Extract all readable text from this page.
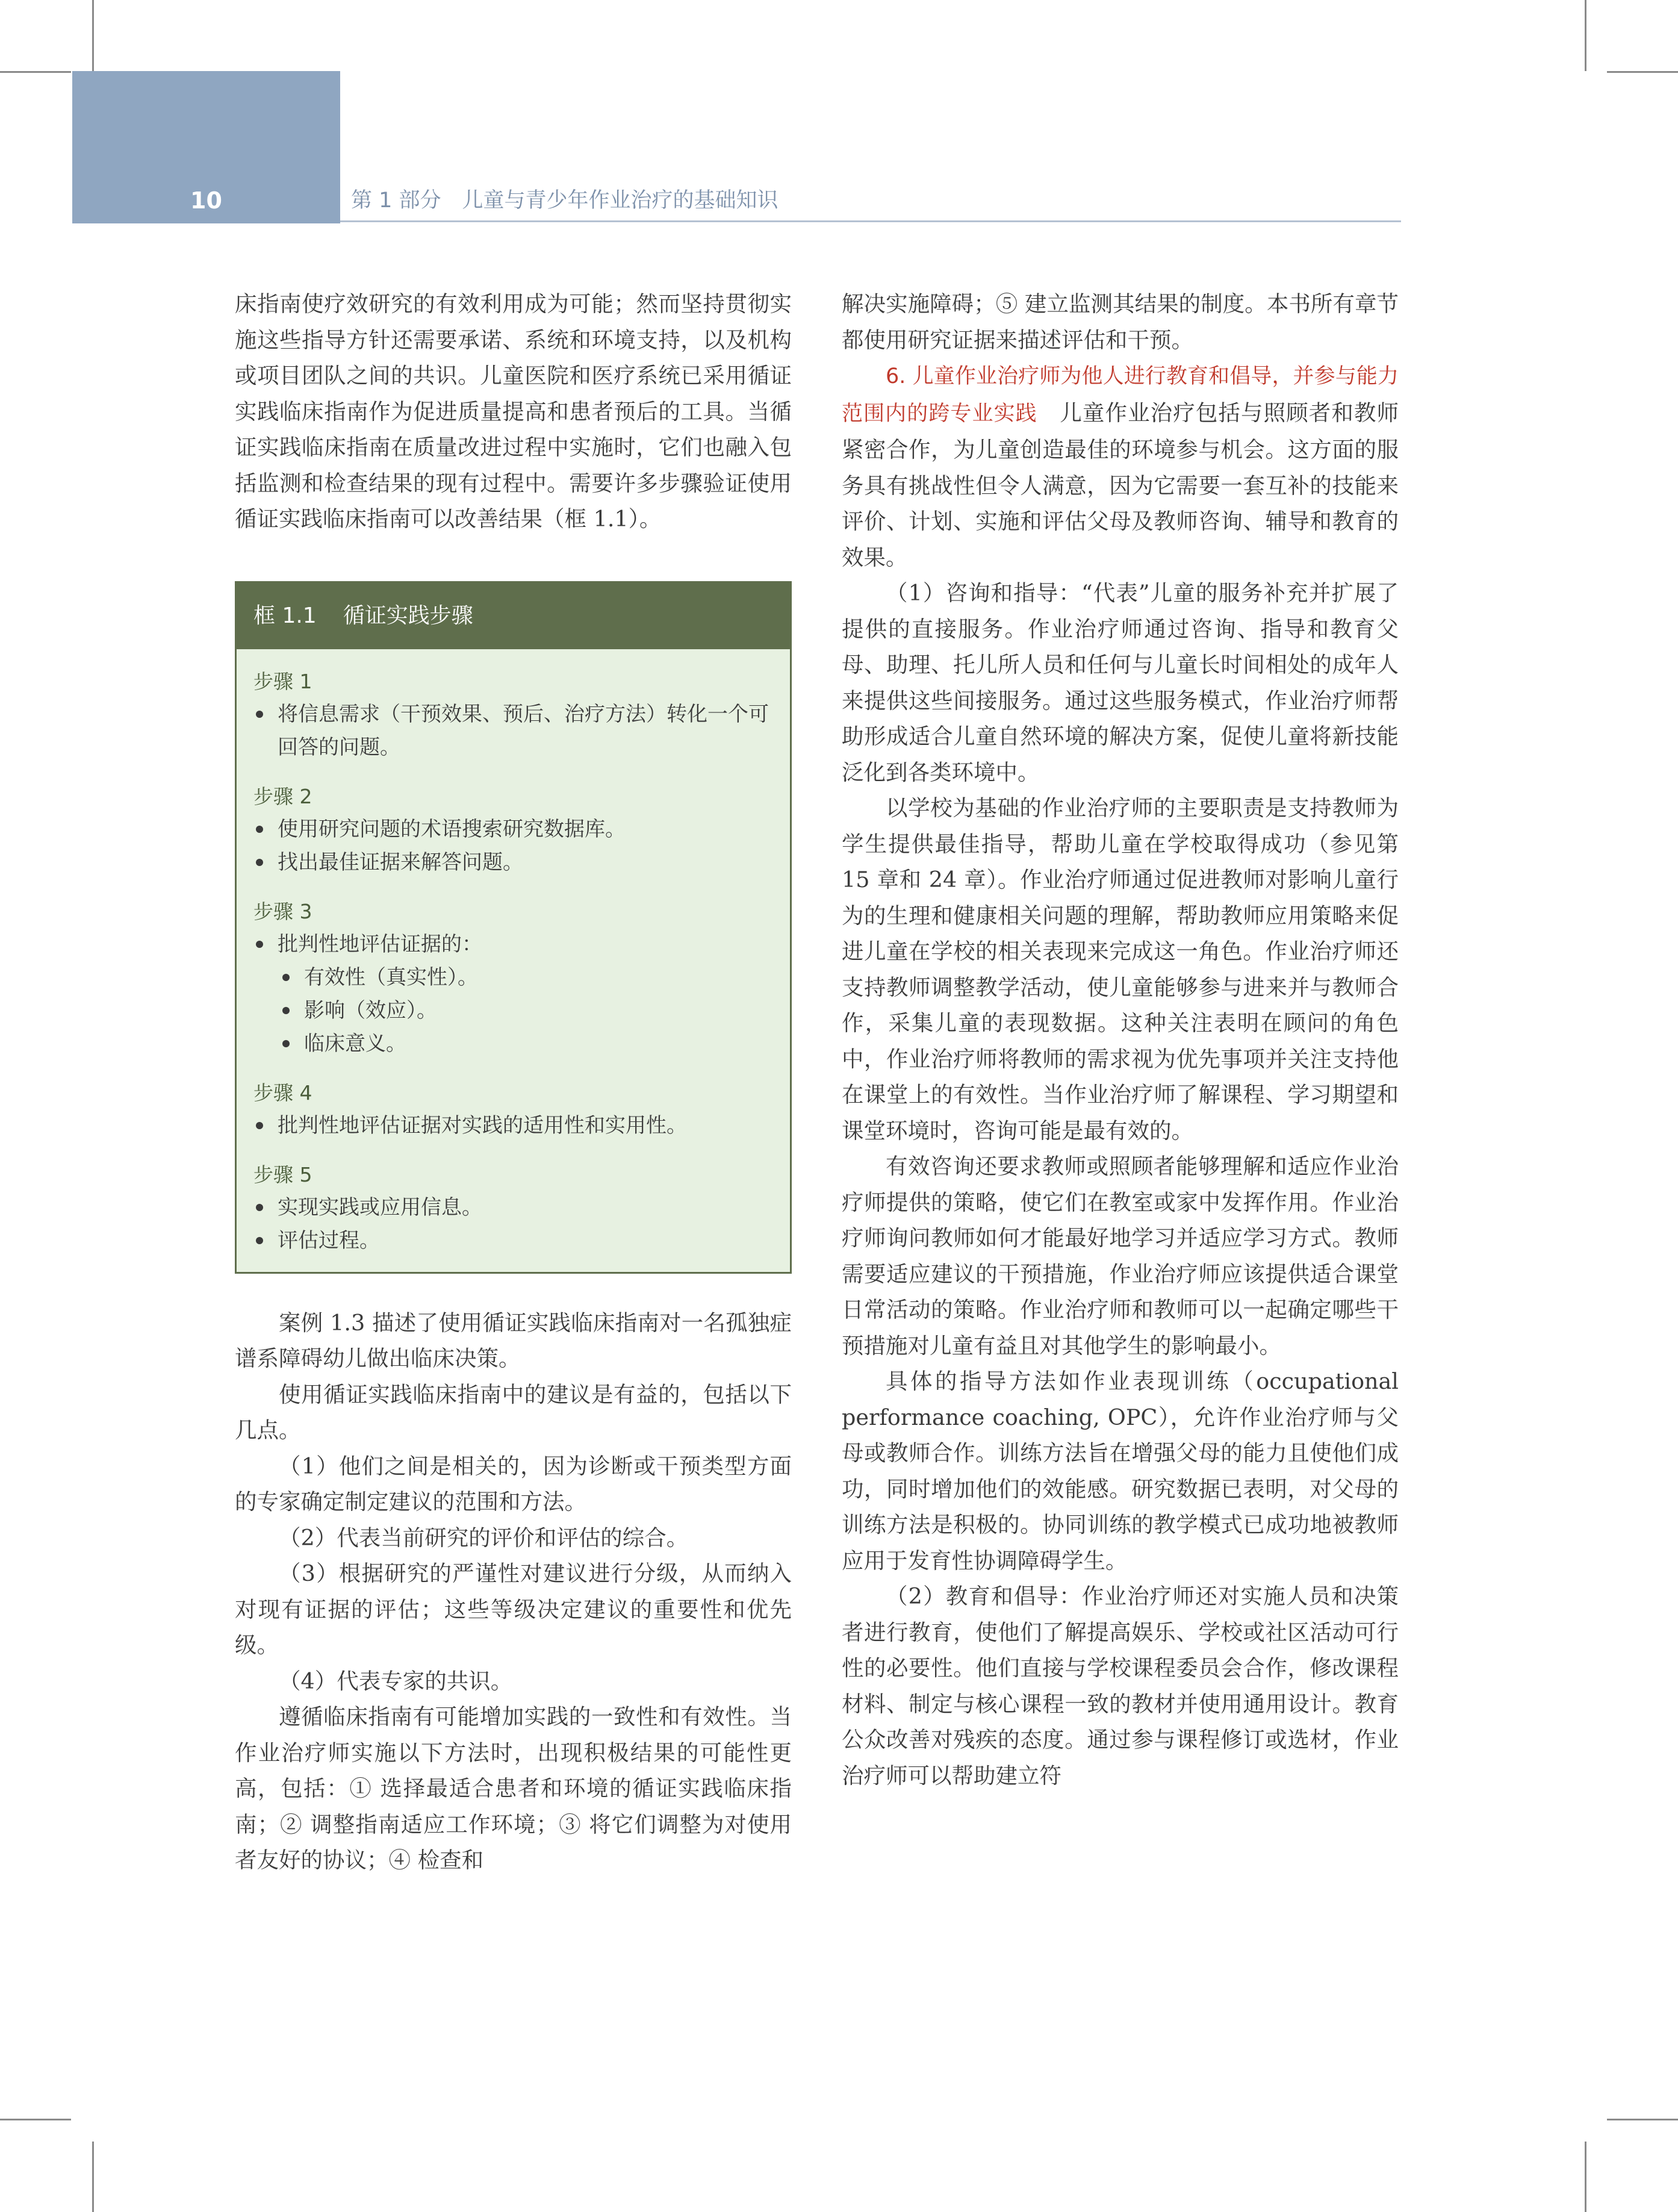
10	第 1 部分　儿童与青少年作业治疗的基础知识

床指南使疗效研究的有效利用成为可能；然而坚持贯彻实施这些指导方针还需要承诺、系统和环境支持，以及机构或项目团队之间的共识。儿童医院和医疗系统已采用循证实践临床指南作为促进质量提高和患者预后的工具。当循证实践临床指南在质量改进过程中实施时，它们也融入包括监测和检查结果的现有过程中。需要许多步骤验证使用循证实践临床指南可以改善结果（框 1.1）。

框 1.1 循证实践步骤

步骤 1

将信息需求（干预效果、预后、治疗方法）转化一个可回答的问题。

步骤 2

使用研究问题的术语搜索研究数据库。
找出最佳证据来解答问题。

步骤 3

批判性地评估证据的：
有效性（真实性）。
影响（效应）。
临床意义。

步骤 4

批判性地评估证据对实践的适用性和实用性。

步骤 5

实现实践或应用信息。
评估过程。

案例 1.3 描述了使用循证实践临床指南对一名孤独症谱系障碍幼儿做出临床决策。

使用循证实践临床指南中的建议是有益的，包括以下几点。

（1）他们之间是相关的，因为诊断或干预类型方面的专家确定制定建议的范围和方法。

（2）代表当前研究的评价和评估的综合。

（3）根据研究的严谨性对建议进行分级，从而纳入对现有证据的评估；这些等级决定建议的重要性和优先级。

（4）代表专家的共识。

遵循临床指南有可能增加实践的一致性和有效性。当作业治疗师实施以下方法时，出现积极结果的可能性更高，包括：① 选择最适合患者和环境的循证实践临床指南；② 调整指南适应工作环境；③ 将它们调整为对使用者友好的协议；④ 检查和

解决实施障碍；⑤ 建立监测其结果的制度。本书所有章节都使用研究证据来描述评估和干预。

6. 儿童作业治疗师为他人进行教育和倡导，并参与能力范围内的跨专业实践　儿童作业治疗包括与照顾者和教师紧密合作，为儿童创造最佳的环境参与机会。这方面的服务具有挑战性但令人满意，因为它需要一套互补的技能来评价、计划、实施和评估父母及教师咨询、辅导和教育的效果。

（1）咨询和指导：“代表”儿童的服务补充并扩展了提供的直接服务。作业治疗师通过咨询、指导和教育父母、助理、托儿所人员和任何与儿童长时间相处的成年人来提供这些间接服务。通过这些服务模式，作业治疗师帮助形成适合儿童自然环境的解决方案，促使儿童将新技能泛化到各类环境中。

以学校为基础的作业治疗师的主要职责是支持教师为学生提供最佳指导，帮助儿童在学校取得成功（参见第 15 章和 24 章）。作业治疗师通过促进教师对影响儿童行为的生理和健康相关问题的理解，帮助教师应用策略来促进儿童在学校的相关表现来完成这一角色。作业治疗师还支持教师调整教学活动，使儿童能够参与进来并与教师合作，采集儿童的表现数据。这种关注表明在顾问的角色中，作业治疗师将教师的需求视为优先事项并关注支持他在课堂上的有效性。当作业治疗师了解课程、学习期望和课堂环境时，咨询可能是最有效的。

有效咨询还要求教师或照顾者能够理解和适应作业治疗师提供的策略，使它们在教室或家中发挥作用。作业治疗师询问教师如何才能最好地学习并适应学习方式。教师需要适应建议的干预措施，作业治疗师应该提供适合课堂日常活动的策略。作业治疗师和教师可以一起确定哪些干预措施对儿童有益且对其他学生的影响最小。

具体的指导方法如作业表现训练（occupational performance coaching, OPC），允许作业治疗师与父母或教师合作。训练方法旨在增强父母的能力且使他们成功，同时增加他们的效能感。研究数据已表明，对父母的训练方法是积极的。协同训练的教学模式已成功地被教师应用于发育性协调障碍学生。

（2）教育和倡导：作业治疗师还对实施人员和决策者进行教育，使他们了解提高娱乐、学校或社区活动可行性的必要性。他们直接与学校课程委员会合作，修改课程材料、制定与核心课程一致的教材并使用通用设计。教育公众改善对残疾的态度。通过参与课程修订或选材，作业治疗师可以帮助建立符
